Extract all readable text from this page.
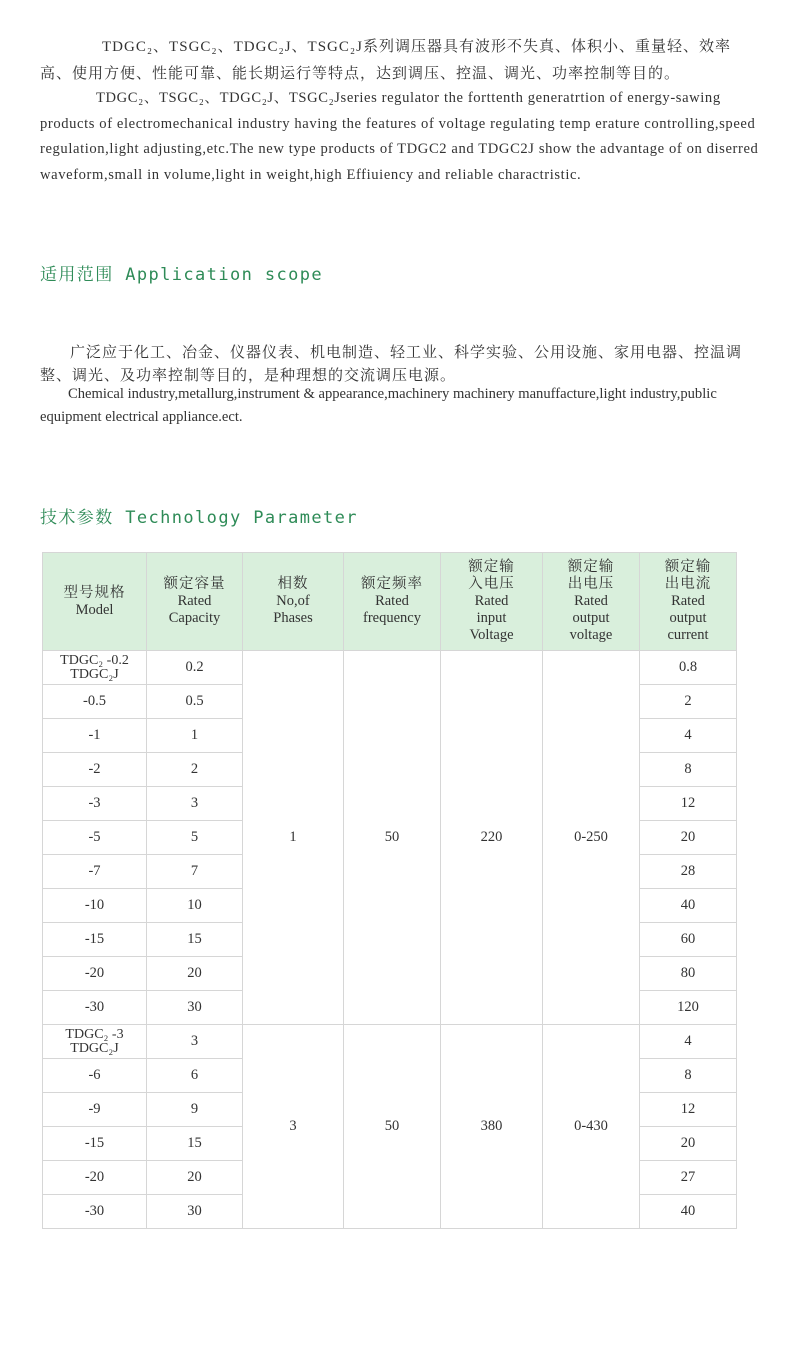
TDGC₂、TSGC₂、TDGC₂J、TSGC₂J系列调压器具有波形不失真、体积小、重量轻、效率高、使用方便、性能可靠、能长期运行等特点，达到调压、控温、调光、功率控制等目的。

TDGC₂、TSGC₂、TDGC₂J、TSGC₂Jseries regulator the forttenth generatrtion of energy-sawing products of electromechanical industry having the features of voltage regulating temp erature controlling,speed regulation,light adjusting,etc.The new type products of TDGC2 and TDGC2J show the advantage of on diserred waveform,small in volume,light in weight,high Effiuiency and reliable charactristic.

适用范围 Application scope

广泛应于化工、冶金、仪器仪表、机电制造、轻工业、科学实验、公用设施、家用电器、控温调整、调光、及功率控制等目的，是种理想的交流调压电源。

Chemical industry,metallurg,instrument & appearance,machinery machinery manuffacture,light industry,public equipment electrical appliance.ect.

技术参数 Technology Parameter
型号规格
Model	额定容量
Rated
Capacity	相数
No,of
Phases	额定频率
Rated
frequency	额定输
入电压
Rated
input
Voltage	额定输
出电压
Rated
output
voltage	额定输
出电流
Rated
output
current

TDGC₂ -0.2
TDGC₂J	0.2	1	50	220	0-250	0.8
-0.5	0.5					2
-1	1					4
-2	2					8
-3	3					12
-5	5					20
-7	7					28
-10	10					40
-15	15					60
-20	20					80
-30	30					120

TDGC₂ -3
TDGC₂J	3	3	50	380	0-430	4
-6	6					8
-9	9					12
-15	15					20
-20	20					27
-30	30					40
